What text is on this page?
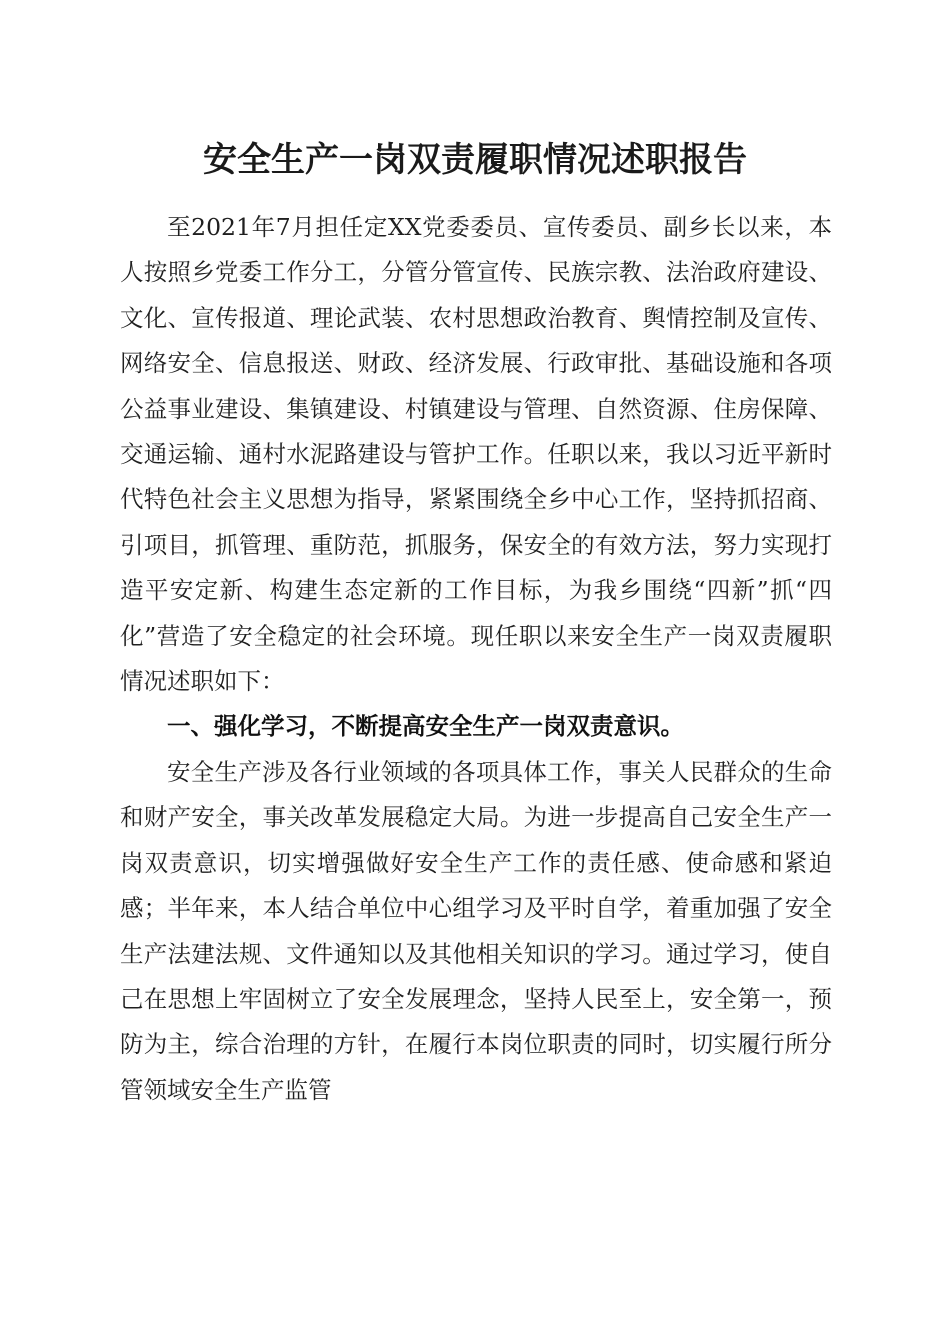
安全生产一岗双责履职情况述职报告

至2021年7月担任定XX党委委员、宣传委员、副乡长以来，本人按照乡党委工作分工，分管分管宣传、民族宗教、法治政府建设、文化、宣传报道、理论武装、农村思想政治教育、舆情控制及宣传、网络安全、信息报送、财政、经济发展、行政审批、基础设施和各项公益事业建设、集镇建设、村镇建设与管理、自然资源、住房保障、交通运输、通村水泥路建设与管护工作。任职以来，我以习近平新时代特色社会主义思想为指导，紧紧围绕全乡中心工作，坚持抓招商、引项目，抓管理、重防范，抓服务，保安全的有效方法，努力实现打造平安定新、构建生态定新的工作目标，为我乡围绕“四新”抓“四化”营造了安全稳定的社会环境。现任职以来安全生产一岗双责履职情况述职如下：

一、强化学习，不断提高安全生产一岗双责意识。

安全生产涉及各行业领域的各项具体工作，事关人民群众的生命和财产安全，事关改革发展稳定大局。为进一步提高自己安全生产一岗双责意识，切实增强做好安全生产工作的责任感、使命感和紧迫感；半年来，本人结合单位中心组学习及平时自学，着重加强了安全生产法建法规、文件通知以及其他相关知识的学习。通过学习，使自己在思想上牢固树立了安全发展理念，坚持人民至上，安全第一，预防为主，综合治理的方针，在履行本岗位职责的同时，切实履行所分管领域安全生产监管
